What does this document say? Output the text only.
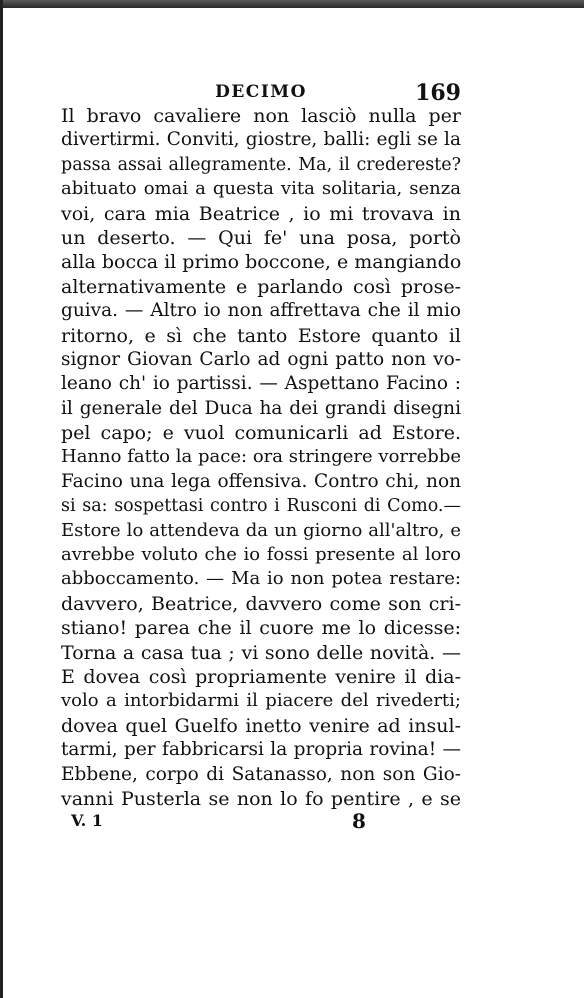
DECIMO	169
Il bravo cavaliere non lasciò nulla per
divertirmi. Conviti, giostre, balli: egli se la
passa assai allegramente. Ma, il credereste?
abituato omai a questa vita solitaria, senza
voi, cara mia Beatrice , io mi trovava in
un deserto. — Qui fe' una posa, portò
alla bocca il primo boccone, e mangiando
alternativamente e parlando così prose-
guiva. — Altro io non affrettava che il mio
ritorno, e sì che tanto Estore quanto il
signor Giovan Carlo ad ogni patto non vo-
leano ch' io partissi. — Aspettano Facino :
il generale del Duca ha dei grandi disegni
pel capo; e vuol comunicarli ad Estore.
Hanno fatto la pace: ora stringere vorrebbe
Facino una lega offensiva. Contro chi, non
si sa: sospettasi contro i Rusconi di Como.—
Estore lo attendeva da un giorno all'altro, e
avrebbe voluto che io fossi presente al loro
abboccamento. — Ma io non potea restare:
davvero, Beatrice, davvero come son cri-
stiano! parea che il cuore me lo dicesse:
Torna a casa tua ; vi sono delle novità. —
E dovea così propriamente venire il dia-
volo a intorbidarmi il piacere del rivederti;
dovea quel Guelfo inetto venire ad insul-
tarmi, per fabbricarsi la propria rovina! —
Ebbene, corpo di Satanasso, non son Gio-
vanni Pusterla se non lo fo pentire , e se
V. 1	8
